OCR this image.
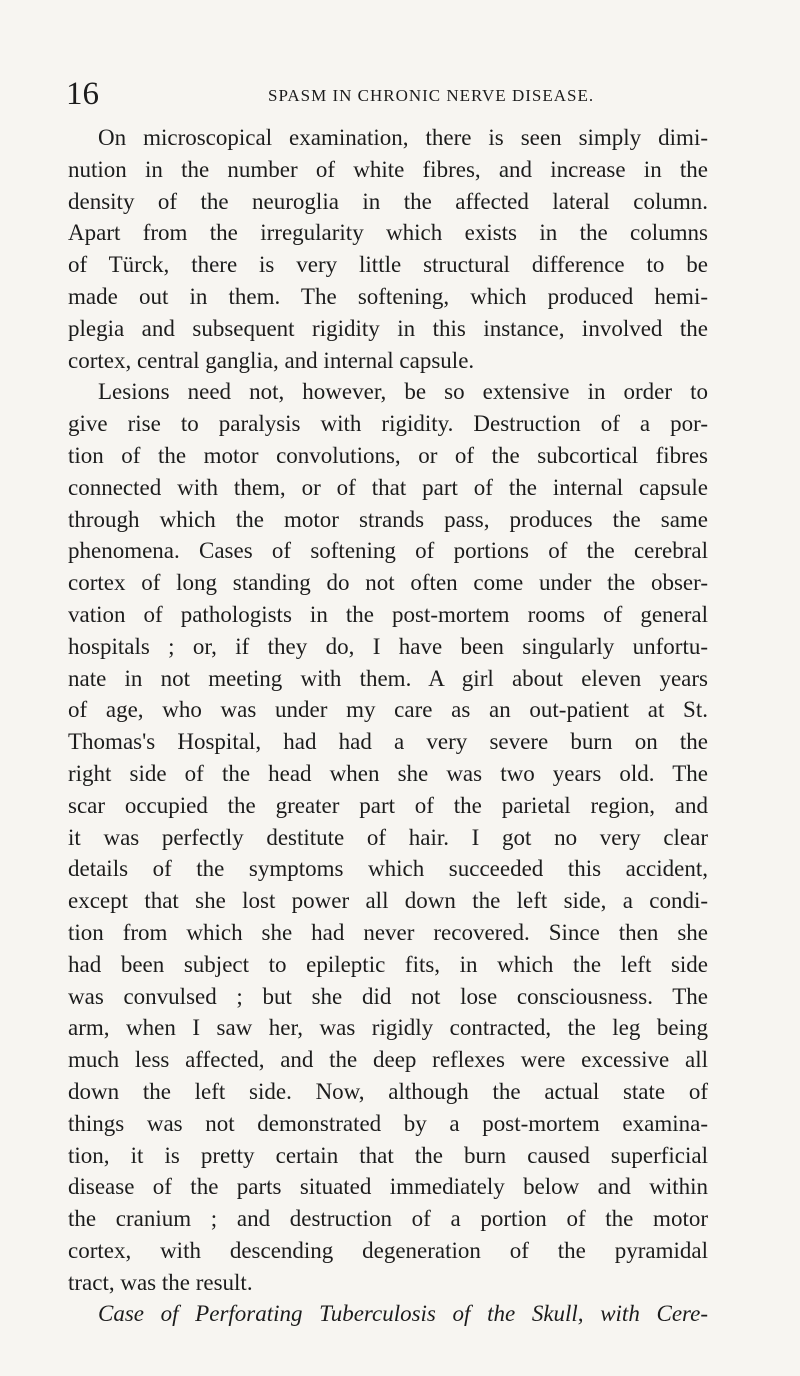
16	SPASM IN CHRONIC NERVE DISEASE.
On microscopical examination, there is seen simply dimi-
nution in the number of white fibres, and increase in the
density of the neuroglia in the affected lateral column.
Apart from the irregularity which exists in the columns
of Türck, there is very little structural difference to be
made out in them. The softening, which produced hemi-
plegia and subsequent rigidity in this instance, involved the
cortex, central ganglia, and internal capsule.
Lesions need not, however, be so extensive in order to
give rise to paralysis with rigidity. Destruction of a por-
tion of the motor convolutions, or of the subcortical fibres
connected with them, or of that part of the internal capsule
through which the motor strands pass, produces the same
phenomena. Cases of softening of portions of the cerebral
cortex of long standing do not often come under the obser-
vation of pathologists in the post-mortem rooms of general
hospitals ; or, if they do, I have been singularly unfortu-
nate in not meeting with them. A girl about eleven years
of age, who was under my care as an out-patient at St.
Thomas's Hospital, had had a very severe burn on the
right side of the head when she was two years old. The
scar occupied the greater part of the parietal region, and
it was perfectly destitute of hair. I got no very clear
details of the symptoms which succeeded this accident,
except that she lost power all down the left side, a condi-
tion from which she had never recovered. Since then she
had been subject to epileptic fits, in which the left side
was convulsed ; but she did not lose consciousness. The
arm, when I saw her, was rigidly contracted, the leg being
much less affected, and the deep reflexes were excessive all
down the left side. Now, although the actual state of
things was not demonstrated by a post-mortem examina-
tion, it is pretty certain that the burn caused superficial
disease of the parts situated immediately below and within
the cranium ; and destruction of a portion of the motor
cortex, with descending degeneration of the pyramidal
tract, was the result.
Case of Perforating Tuberculosis of the Skull, with Cere-
